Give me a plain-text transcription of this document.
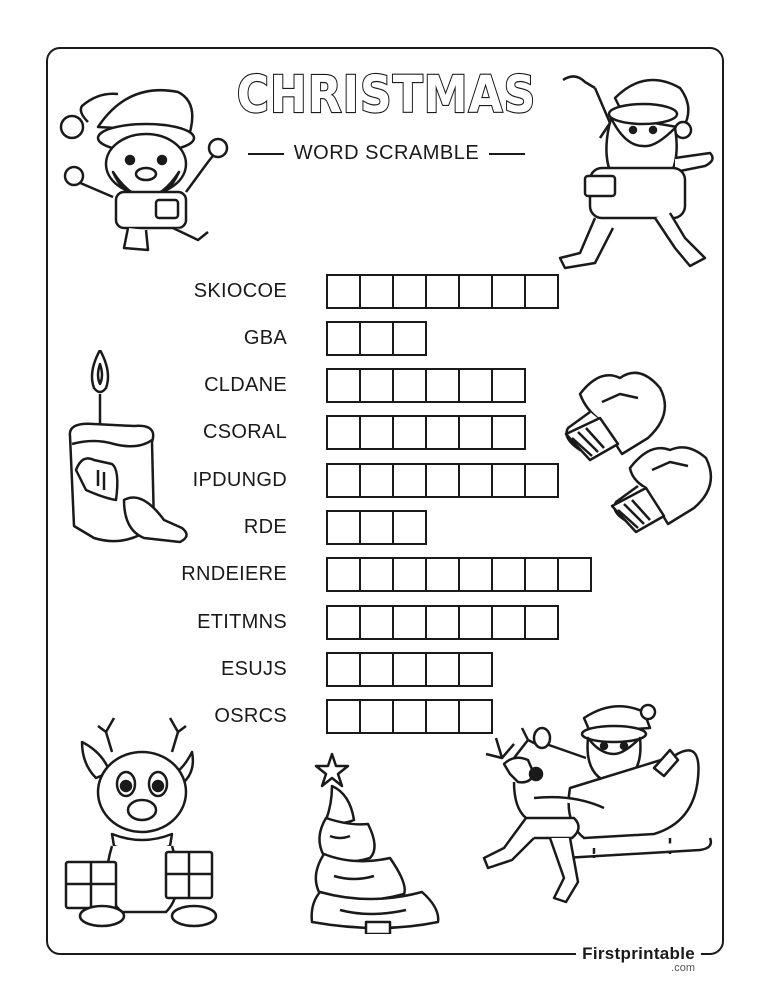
CHRISTMAS
WORD SCRAMBLE
SKIOCOE
GBA
CLDANE
CSORAL
IPDUNGD
RDE
RNDEIERE
ETITMNS
ESUJS
OSRCS
Firstprintable
.com
